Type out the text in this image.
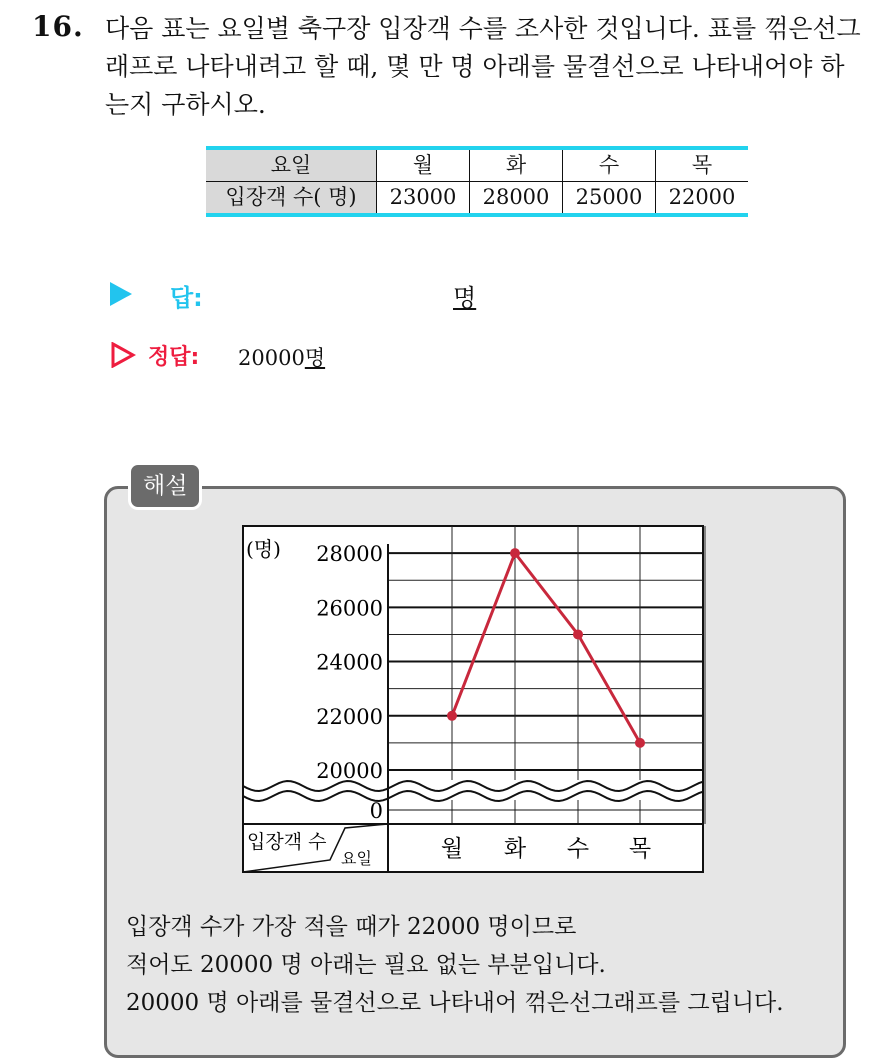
16. 다음 표는 요일별 축구장 입장객 수를 조사한 것입니다. 표를 꺾은선그래프로 나타내려고 할 때, 몇 만 명 아래를 물결선으로 나타내어야 하는지 구하시오.
요일	월	화	수	목
입장객 수( 명)	23000	28000	25000	22000
답:	명
정답: 20000명
해설
(명) 28000
26000
24000
22000
20000
0
입장객 수
요일	월 화 수 목
입장객 수가 가장 적을 때가 22000 명이므로
적어도 20000 명 아래는 필요 없는 부분입니다.
20000 명 아래를 물결선으로 나타내어 꺾은선그래프를 그립니다.
